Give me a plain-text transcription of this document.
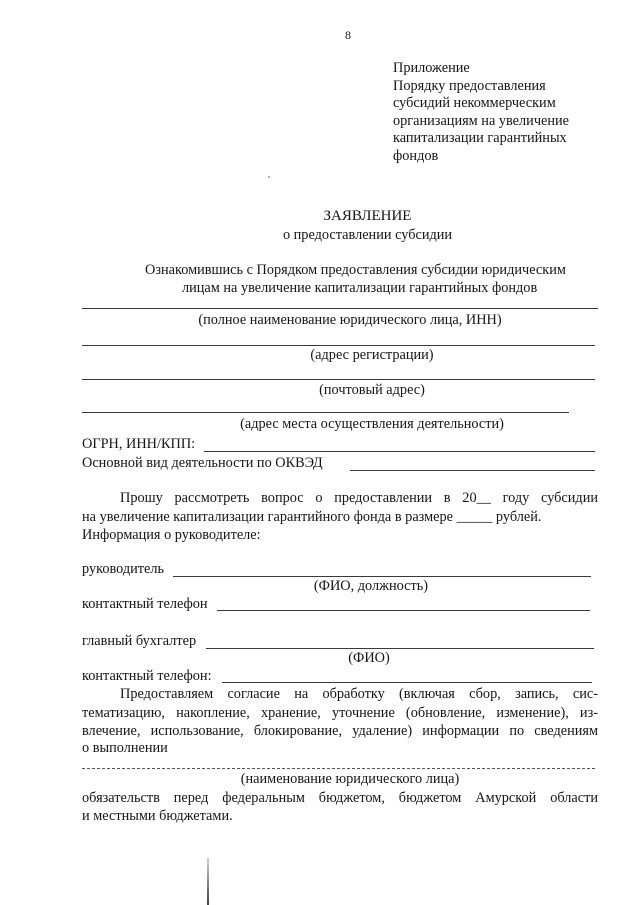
8
Приложение
Порядку предоставления
субсидий некоммерческим
организациям на увеличение
капитализации гарантийных
фондов
ЗАЯВЛЕНИЕ
о предоставлении субсидии
Ознакомившись с Порядком предоставления субсидии юридическим
лицам на увеличение капитализации гарантийных фондов
(полное наименование юридического лица, ИНН)
(адрес регистрации)
(почтовый адрес)
(адрес места осуществления деятельности)
ОГРН, ИНН/КПП:
Основной вид деятельности по ОКВЭД
Прошу рассмотреть вопрос о предоставлении в 20__ году субсидии
на увеличение капитализации гарантийного фонда в размере _____ рублей.
Информация о руководителе:
руководитель
(ФИО, должность)
контактный телефон
главный бухгалтер
(ФИО)
контактный телефон:
Предоставляем согласие на обработку (включая сбор, запись, сис-
тематизацию, накопление, хранение, уточнение (обновление, изменение), из-
влечение, использование, блокирование, удаление) информации по сведениям
о выполнении
(наименование юридического лица)
обязательств перед федеральным бюджетом, бюджетом Амурской области
и местными бюджетами.
